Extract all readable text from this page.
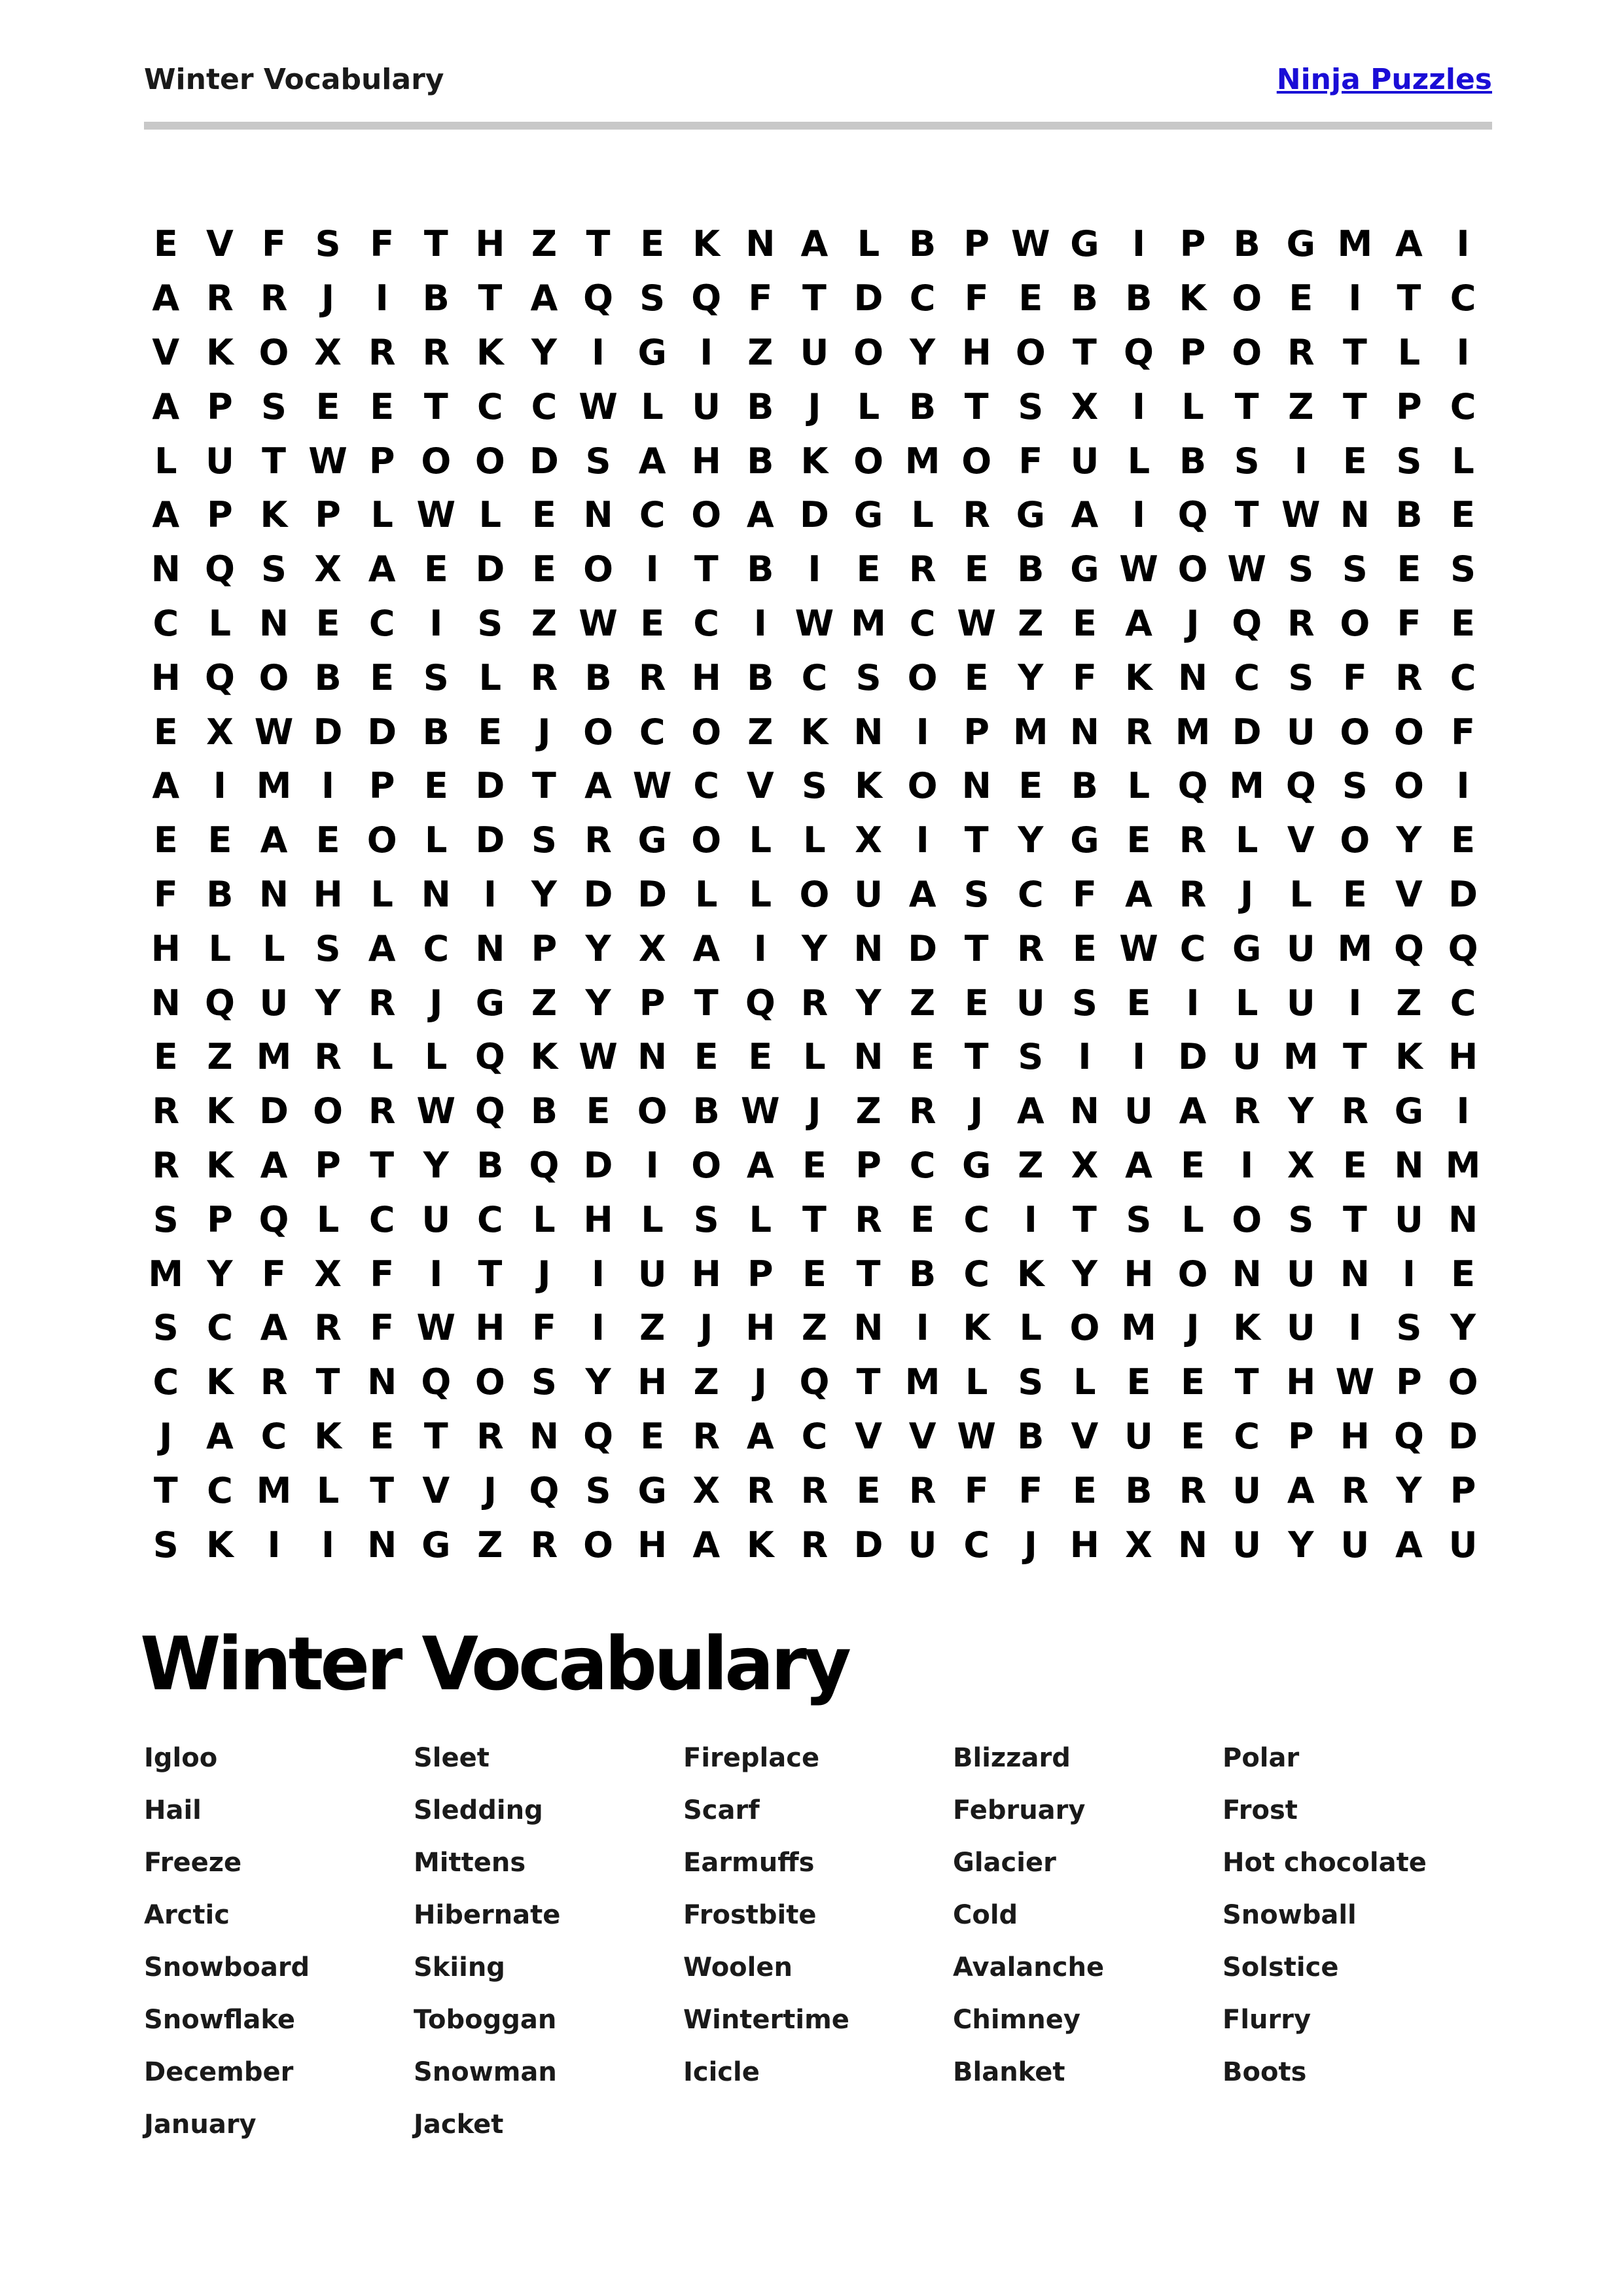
Winter Vocabulary	Ninja Puzzles
E V F S F T H Z T E K N A L B P W G I P B G M A I
A R R J	I B T A Q S Q F T D C F E B B K O E	I	T C
V K O X R R K Y I G I Z U O Y H O T Q P O R T L	I
A P S E E T C C W L U B J	L B T S X I	L T Z T P C
L U T W P O O D S A H B K O M O F U L B S I	E S L
A P K P L W L E N C O A D G L R G A I Q T W N B E
N Q S X A E D E O I	T B I	E R E B G W O W S S E S
C L N E C I S Z W E C I W M C W Z E A J Q R O F E
H Q O B E S L R B R H B C S O E Y F K N C S F R C
E X W D D B E	J O C O Z K N I P M N R M D U O O F
A I M I P E D T A W C V S K O N E B L Q M Q S O I
E E A E O L D S R G O L L X I	T Y G E R L V O Y E
F B N H L N I Y D D L L O U A S C F A R J	L E V D
H L L S A C N P Y X A I Y N D T R E W C G U M Q Q
N Q U Y R J G Z Y P T Q R Y Z E U S E	I	L U I Z C
E Z M R L L Q K W N E E L N E T S I	I D U M T K H
R K D O R W Q B E O B W J Z R J A N U A R Y R G I
R K A P T Y B Q D I O A E P C G Z X A E	I X E N M
S P Q L C U C L H L S L T R E C I	T S L O S T U N
M Y F X F	I	T	J	I U H P E T B C K Y H O N U N I	E
S C A R F W H F	I Z J H Z N I K L O M J K U I S Y
C K R T N Q O S Y H Z J Q T M L S L E E T H W P O
J A C K E T R N Q E R A C V V W B V U E C P H Q D
T C M L T V J Q S G X R R E R F F E B R U A R Y P
S K I	I N G Z R O H A K R D U C J H X N U Y U A U
Winter Vocabulary
Igloo
Hail
Freeze
Arctic
Snowboard
Snowflake
December
January
Sleet
Sledding
Mittens
Hibernate
Skiing
Toboggan
Snowman
Jacket
Fireplace
Scarf
Earmuffs
Frostbite
Woolen
Wintertime
Icicle
Blizzard
February
Glacier
Cold
Avalanche
Chimney
Blanket
Polar
Frost
Hot chocolate
Snowball
Solstice
Flurry
Boots
